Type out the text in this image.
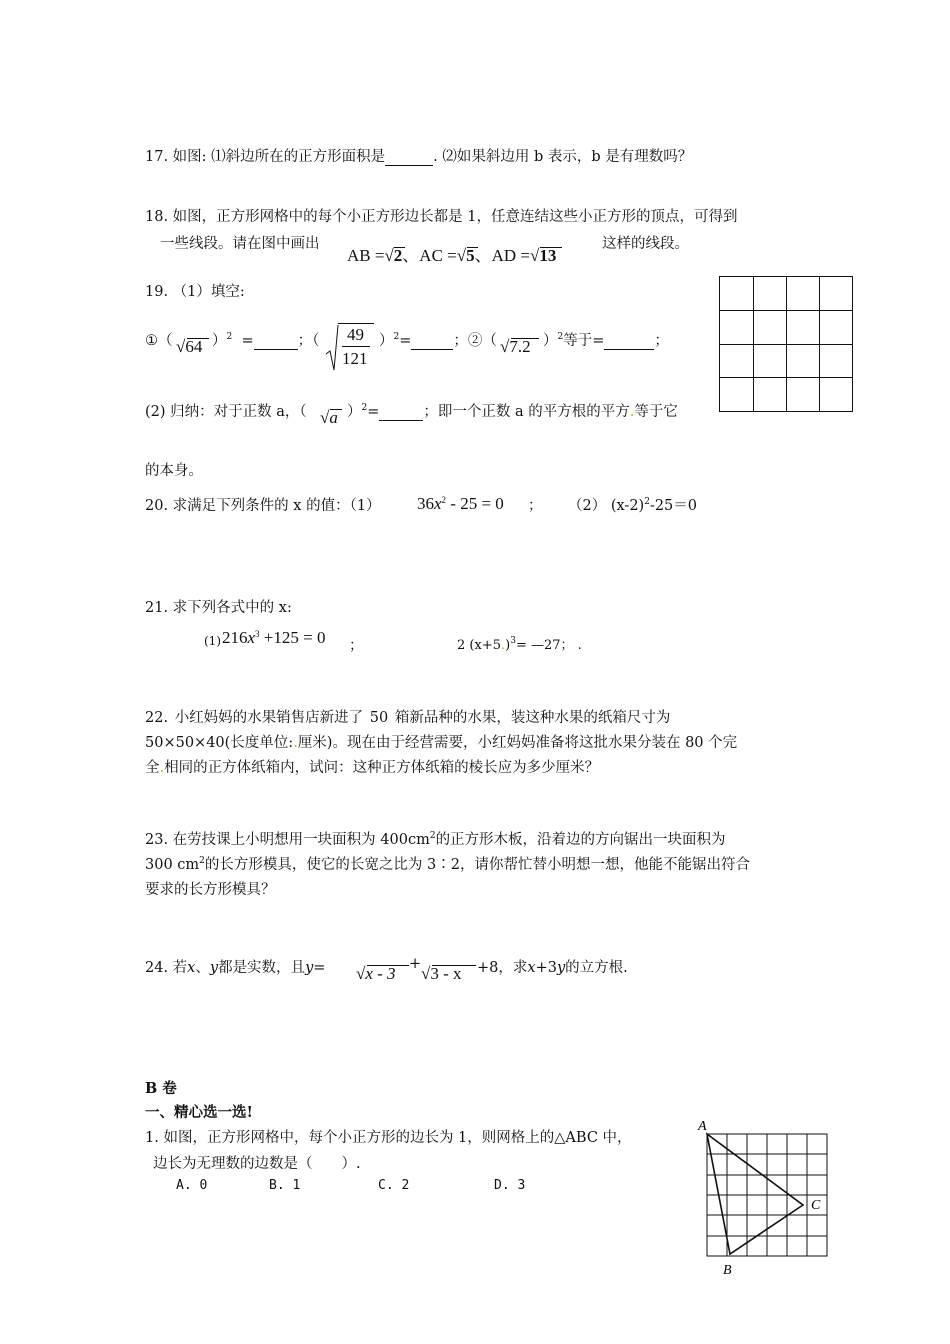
17. 如图: ⑴斜边所在的正方形面积是	. ⑵如果斜边用 b 表示，b 是有理数吗？
18. 如图，正方形网格中的每个小正方形边长都是 1，任意连结这些小正方形的顶点，可得到
一些线段。请在图中画出
AB =√
2、AC =√
5、AD =√
13
这样的线段。
19. （1）填空:
①（ √
64 ）$^2$ =	；（ 49
121
）$^2$=	；②（ √
7.2 ）$^2$等于=	；
(2) 归纳：对于正数 a，（ √
a ）$^2$=	；即一个正数 a 的平方根的平方.等于它
的本身。
20. 求满足下列条件的 x 的值：（1） $36x^2 - 25 = 0$ ； （2） $(x-2)^2-25=0$
21. 求下列各式中的 x:
(1) $216x^3 +125 = 0$ ；	2 $(x+5.)^3=$ —27； .
22. 小红妈妈的水果销售店新进了 50 箱新品种的水果，装这种水果的纸箱尺寸为
50×50×40(长度单位:.厘米)。现在由于经营需要，小红妈妈准备将这批水果分装在 80 个完
全.相同的正方体纸箱内，试问：这种正方体纸箱的棱长应为多少厘米？
23. 在劳技课上小明想用一块面积为 $400cm^2$的正方形木板，沿着边的方向锯出一块面积为
300 $cm^2$的长方形模具，使它的长宽之比为 3∶2，请你帮忙替小明想一想，他能不能锯出符合
要求的长方形模具？
24. 若x、y都是实数，且y= √
x - 3 + √
3 - x +8，求x+3y的立方根.
B 卷
一、精心选一选!
1. 如图，正方形网格中，每个小正方形的边长为 1，则网格上的△ABC 中，
边长为无理数的边数是（　　）.
A. 0	B. 1	C. 2	D. 3
A
B
C
